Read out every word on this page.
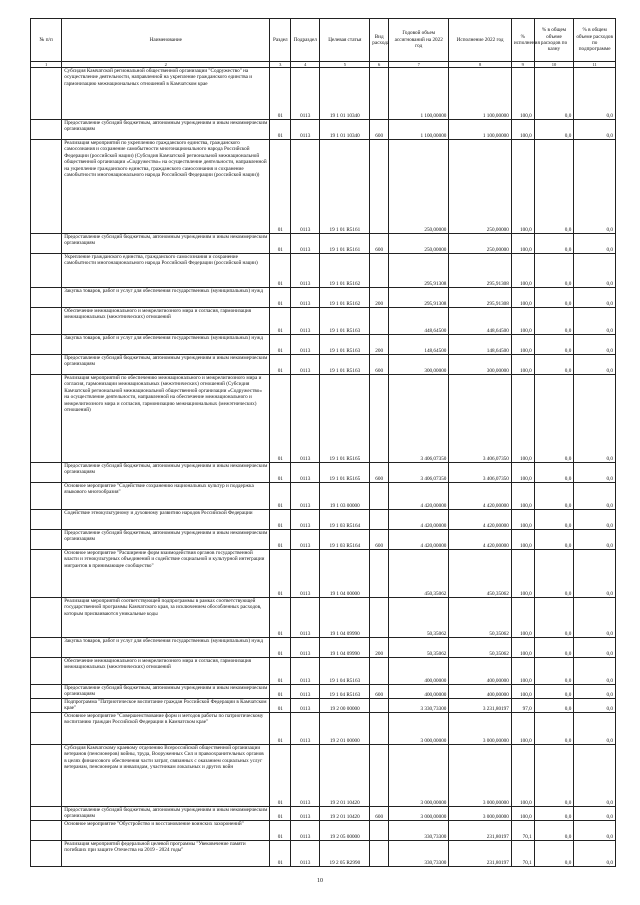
№ п/п	Наименование	Раздел	Подраздел	Целевая статья	Вид расхода	Годовой объем ассигнований на 2022 год	Исполнение 2022 год	% исполнения	% в общем объеме расходов по казну	% в общем объеме расходов по подпрограмме
1	2	3	4	5	6	7	8	9	10	11
	Субсидия Камчатской региональной общественной организации "Содружество" на осуществление деятельности, направленной на укрепление гражданского единства и гармонизацию межнациональных отношений в Камчатском крае	01	0113	19 1 01 10340		1 100,00000	1 100,00000	100,0	0,0	0,0
	Предоставление субсидий бюджетным, автономным учреждениям и иным некоммерческим организациям	01	0113	19 1 01 10340	600	1 100,00000	1 100,00000	100,0	0,0	0,0
	Реализация мероприятий по укреплению гражданского единства, гражданского самосознания и сохранение самобытности многонационального народа Российской Федерации (российской нации) (Субсидия Камчатской региональной межнациональной общественной организации «Содружество» на осуществление деятельности, направленной на укрепление гражданского единства, гражданского самосознания и сохранение самобытности многонационального народа Российской Федерации (российской нации))	01	0113	19 1 01 R5161		250,00000	250,00000	100,0	0,0	0,0
	Предоставление субсидий бюджетным, автономным учреждениям и иным некоммерческим организациям	01	0113	19 1 01 R5161	600	250,00000	250,00000	100,0	0,0	0,0
	Укрепление гражданского единства, гражданского самосознания и сохранение самобытности многонационального народа Российской Федерации (российской нации)	01	0113	19 1 01 R5162		295,91308	295,91308	100,0	0,0	0,0
	Закупка товаров, работ и услуг для обеспечения государственных (муниципальных) нужд	01	0113	19 1 01 R5162	200	295,91308	295,91308	100,0	0,0	0,0
	Обеспечение межнационального и межрелигиозного мира и согласия, гармонизация межнациональных (межэтнических) отношений	01	0113	19 1 01 R5163		448,64500	448,64500	100,0	0,0	0,0
	Закупка товаров, работ и услуг для обеспечения государственных (муниципальных) нужд	01	0113	19 1 01 R5163	200	148,64500	148,64500	100,0	0,0	0,0
	Предоставление субсидий бюджетным, автономным учреждениям и иным некоммерческим организациям	01	0113	19 1 01 R5163	600	300,00000	300,00000	100,0	0,0	0,0
	Реализация мероприятий по обеспечению межнационального и межрелигиозного мира и согласия, гармонизации межнациональных (межэтнических) отношений (Субсидия Камчатской региональной межнациональной общественной организации «Содружество» на осуществление деятельности, направленной на обеспечение межнационального и межрелигиозного мира и согласия, гармонизацию межнациональных (межэтнических) отношений)	01	0113	19 1 01 R5165		3 406,07350	3 406,07350	100,0	0,0	0,0
	Предоставление субсидий бюджетным, автономным учреждениям и иным некоммерческим организациям	01	0113	19 1 01 R5165	600	3 406,07350	3 406,07350	100,0	0,0	0,0
	Основное мероприятие "Содействие сохранению национальных культур и поддержка языкового многообразия"	01	0113	19 1 03 00000		4 420,00000	4 420,00000	100,0	0,0	0,0
	Содействие этнокультурному и духовному развитию народов Российской Федерации	01	0113	19 1 03 R5164		4 420,00000	4 420,00000	100,0	0,0	0,0
	Предоставление субсидий бюджетным, автономным учреждениям и иным некоммерческим организациям	01	0113	19 1 03 R5164	600	4 420,00000	4 420,00000	100,0	0,0	0,0
	Основное мероприятие "Расширение форм взаимодействия органов государственной власти и этнокультурных объединений и содействие социальной и культурной интеграции мигрантов в принимающее сообщество"	01	0113	19 1 04 00000		450,35062	450,35062	100,0	0,0	0,0
	Реализация мероприятий соответствующей подпрограммы в рамках соответствующей государственной программы Камчатского края, за исключением обособленных расходов, которым присваиваются уникальные коды	01	0113	19 1 04 09990		50,35062	50,35062	100,0	0,0	0,0
	Закупка товаров, работ и услуг для обеспечения государственных (муниципальных) нужд	01	0113	19 1 04 09990	200	50,35062	50,35062	100,0	0,0	0,0
	Обеспечение межнационального и межрелигиозного мира и согласия, гармонизация межнациональных (межэтнических) отношений	01	0113	19 1 04 R5163		400,00000	400,00000	100,0	0,0	0,0
	Предоставление субсидий бюджетным, автономным учреждениям и иным некоммерческим организациям	01	0113	19 1 04 R5163	600	400,00000	400,00000	100,0	0,0	0,0
	Подпрограмма "Патриотическое воспитание граждан Российской Федерации в Камчатском крае"	01	0113	19 2 00 00000		3 330,73300	3 231,80197	97,0	0,0	0,0
	Основное мероприятие "Совершенствование форм и методов работы по патриотическому воспитанию граждан Российской Федерации в Камчатском крае"	01	0113	19 2 01 00000		3 000,00000	3 000,00000	100,0	0,0	0,0
	Субсидия Камчатскому краевому отделению Всероссийской общественной организации ветеранов (пенсионеров) войны, труда, Вооруженных Сил и правоохранительных органов в целях финансового обеспечения части затрат, связанных с оказанием социальных услуг ветеранам, пенсионерам и инвалидам, участникам локальных и других войн	01	0113	19 2 01 10420		3 000,00000	3 000,00000	100,0	0,0	0,0
	Предоставление субсидий бюджетным, автономным учреждениям и иным некоммерческим организациям	01	0113	19 2 01 10420	600	3 000,00000	3 000,00000	100,0	0,0	0,0
	Основное мероприятие "Обустройство и восстановление воинских захоронений"	01	0113	19 2 05 00000		330,73300	231,80197	70,1	0,0	0,0
	Реализация мероприятий федеральной целевой программы "Увековечение памяти погибших при защите Отечества на 2019 - 2024 годы"	01	0113	19 2 05 R2990		330,73300	231,80197	70,1	0,0	0,0
10
